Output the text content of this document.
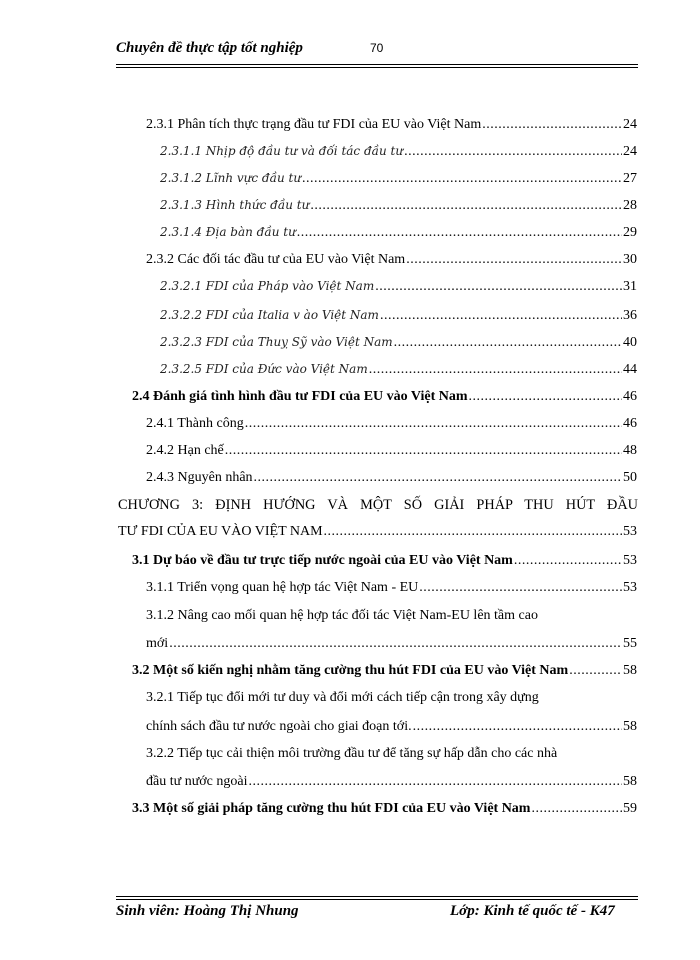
Chuyên đề thực tập tốt nghiệp	70
2.3.1 Phân tích thực trạng đầu tư FDI của EU vào Việt Nam .....	24
2.3.1.1 Nhịp độ đầu tư và đối tác đầu tư .....	24
2.3.1.2 Lĩnh vực đầu tư .....	27
2.3.1.3 Hình thức đầu tư .....	28
2.3.1.4 Địa bàn đầu tư .....	29
2.3.2 Các đối tác đầu tư của EU vào Việt Nam .....	30
2.3.2.1 FDI của Pháp vào Việt Nam .....	31
2.3.2.2 FDI của Italia v ào Việt Nam .....	36
2.3.2.3 FDI của Thuỵ Sỹ vào Việt Nam .....	40
2.3.2.5 FDI của Đức vào Việt Nam .....	44
2.4 Đánh giá tình hình đầu tư FDI của EU vào Việt Nam .....	46
2.4.1 Thành công .....	46
2.4.2 Hạn chế .....	48
2.4.3 Nguyên nhân .....	50
CHƯƠNG 3: ĐỊNH HƯỚNG VÀ MỘT SỐ GIẢI PHÁP THU HÚT ĐẦU
TƯ FDI CỦA EU VÀO VIỆT NAM .....	53
3.1 Dự báo về đầu tư trực tiếp nước ngoài của EU vào Việt Nam .....	53
3.1.1 Triển vọng quan hệ hợp tác Việt Nam - EU .....	53
3.1.2 Nâng cao mối quan hệ hợp tác đối tác Việt Nam-EU lên tầm cao
mới .....	55
3.2 Một số kiến nghị nhằm tăng cường thu hút FDI của EU vào Việt Nam .....	58
3.2.1 Tiếp tục đổi mới tư duy và đổi mới cách tiếp cận trong xây dựng
chính sách đầu tư nước ngoài cho giai đoạn tới. .....	58
3.2.2 Tiếp tục cải thiện môi trường đầu tư để tăng sự hấp dẫn cho các nhà
đầu tư nước ngoài .....	58
3.3 Một số giải pháp tăng cường thu hút FDI của EU vào Việt Nam .....	59
Sinh viên: Hoàng Thị Nhung	Lớp: Kinh tế quốc tế - K47
